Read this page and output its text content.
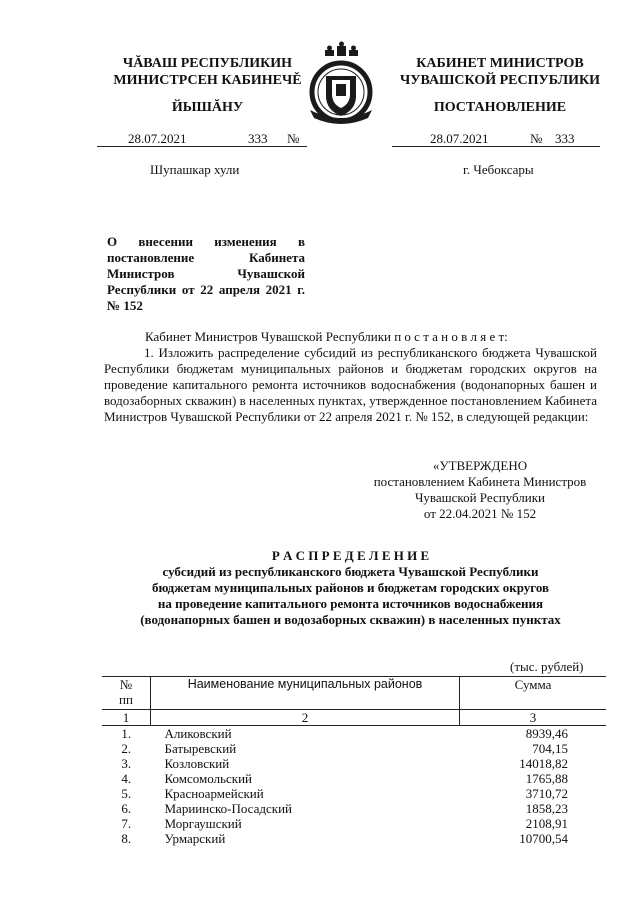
ЧĂВАШ РЕСПУБЛИКИН
МИНИСТРСЕН КАБИНЕЧĚ
ЙЫШĂНУ
КАБИНЕТ МИНИСТРОВ
ЧУВАШСКОЙ РЕСПУБЛИКИ
ПОСТАНОВЛЕНИЕ
28.07.2021	333 №	28.07.2021	№ 333
Шупашкар хули	г. Чебоксары
О внесении изменения в постановление Кабинета Министров Чувашской Республики от 22 апреля 2021 г. № 152
Кабинет Министров Чувашской Республики п о с т а н о в л я е т:
1. Изложить распределение субсидий из республиканского бюджета Чувашской Республики бюджетам муниципальных районов и бюджетам городских округов на проведение капитального ремонта источников водоснабжения (водонапорных башен и водозаборных скважин) в населенных пунктах, утвержденное постановлением Кабинета Министров Чувашской Республики от 22 апреля 2021 г. № 152, в следующей редакции:
«УТВЕРЖДЕНО
постановлением Кабинета Министров
Чувашской Республики
от 22.04.2021 № 152
Р А С П Р Е Д Е Л Е Н И Е
субсидий из республиканского бюджета Чувашской Республики
бюджетам муниципальных районов и бюджетам городских округов
на проведение капитального ремонта источников водоснабжения
(водонапорных башен и водозаборных скважин) в населенных пунктах
(тыс. рублей)
№
пп	Наименование муниципальных районов	Сумма
1	2	3
1.	Аликовский	8939,46
2.	Батыревский	704,15
3.	Козловский	14018,82
4.	Комсомольский	1765,88
5.	Красноармейский	3710,72
6.	Мариинско-Посадский	1858,23
7.	Моргаушский	2108,91
8.	Урмарский	10700,54
